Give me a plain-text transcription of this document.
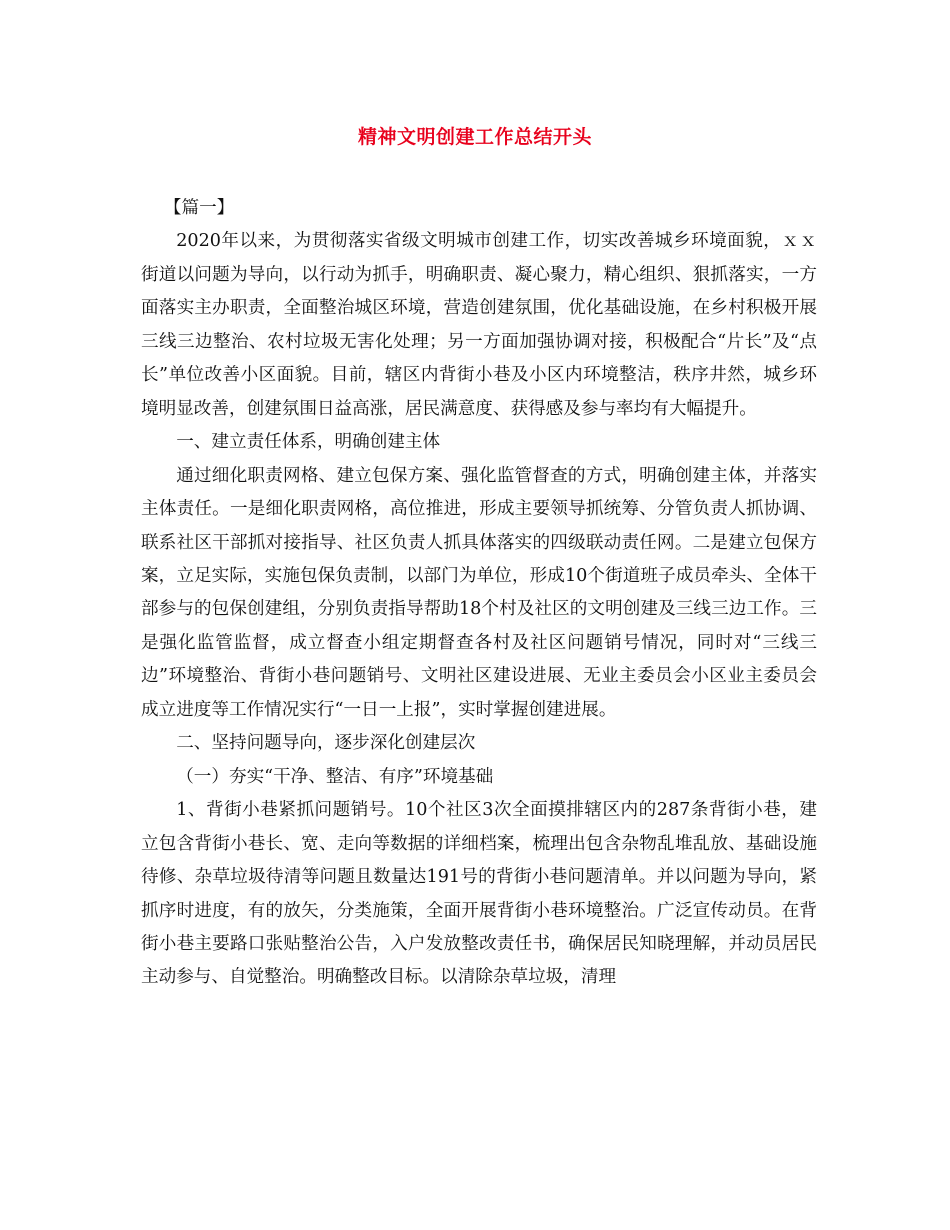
精神文明创建工作总结开头

【篇一】

2020年以来，为贯彻落实省级文明城市创建工作，切实改善城乡环境面貌，ｘｘ街道以问题为导向，以行动为抓手，明确职责、凝心聚力，精心组织、狠抓落实，一方面落实主办职责，全面整治城区环境，营造创建氛围，优化基础设施，在乡村积极开展三线三边整治、农村垃圾无害化处理；另一方面加强协调对接，积极配合“片长”及“点长”单位改善小区面貌。目前，辖区内背街小巷及小区内环境整洁，秩序井然，城乡环境明显改善，创建氛围日益高涨，居民满意度、获得感及参与率均有大幅提升。

一、建立责任体系，明确创建主体

通过细化职责网格、建立包保方案、强化监管督查的方式，明确创建主体，并落实主体责任。一是细化职责网格，高位推进，形成主要领导抓统筹、分管负责人抓协调、联系社区干部抓对接指导、社区负责人抓具体落实的四级联动责任网。二是建立包保方案，立足实际，实施包保负责制，以部门为单位，形成10个街道班子成员牵头、全体干部参与的包保创建组，分别负责指导帮助18个村及社区的文明创建及三线三边工作。三是强化监管监督，成立督查小组定期督查各村及社区问题销号情况，同时对“三线三边”环境整治、背街小巷问题销号、文明社区建设进展、无业主委员会小区业主委员会成立进度等工作情况实行“一日一上报”，实时掌握创建进展。

二、坚持问题导向，逐步深化创建层次

（一）夯实“干净、整洁、有序”环境基础

1、背街小巷紧抓问题销号。10个社区3次全面摸排辖区内的287条背街小巷，建立包含背街小巷长、宽、走向等数据的详细档案，梳理出包含杂物乱堆乱放、基础设施待修、杂草垃圾待清等问题且数量达191号的背街小巷问题清单。并以问题为导向，紧抓序时进度，有的放矢，分类施策，全面开展背街小巷环境整治。广泛宣传动员。在背街小巷主要路口张贴整治公告，入户发放整改责任书，确保居民知晓理解，并动员居民主动参与、自觉整治。明确整改目标。以清除杂草垃圾，清理
